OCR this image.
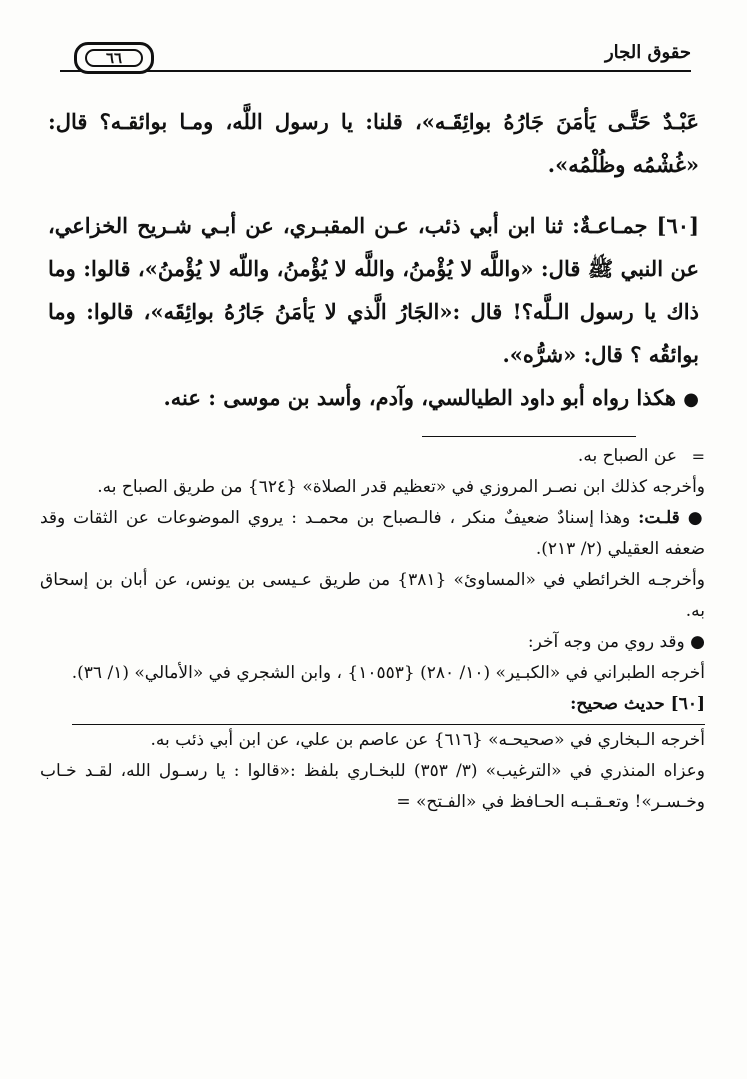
٦٦	حقوق الجار

عَبْـدٌ حَتَّـى يَأمَنَ جَارُهُ بوائِقَـه»، قلنا: يا رسول اللَّه، ومـا بوائقـه؟ قال: «غُشْمُه وظُلْمُه».

[٦٠] جمـاعـةٌ: ثنا ابن أبي ذئب، عـن المقبـري، عن أبـي شـريح الخزاعي، عن النبي ﷺ قال: «واللَّه لا يُؤْمنُ، واللَّه لا يُؤْمنُ، واللّه لا يُؤْمنُ»، قالوا: وما ذاك يا رسول الـلَّه؟! قال :«الجَارُ الَّذي لا يَأمَنُ جَارُهُ بوائِقَه»، قالوا: وما بوائقُه ؟ قال: «شرُّه».

● هكذا رواه أبو داود الطيالسي، وآدم، وأسد بن موسى : عنه.

=
عن الصباح به.

وأخرجه كذلك ابن نصـر المروزي في «تعظيم قدر الصلاة» {٦٢٤} من طريق الصباح به.

● قلـت: وهذا إسنادٌ ضعيفٌ منكر ، فالـصباح بن محمـد : يروي الموضوعات عن الثقات وقد ضعفه العقيلي (٢/ ٢١٣).

وأخرجـه الخرائطي في «المساوئ» {٣٨١} من طريق عـيسى بن يونس، عن أبان بن إسحاق به.

● وقد روي من وجه آخر:

أخرجه الطبراني في «الكبـير» (١٠/ ٢٨٠) {١٠٥٥٣} ، وابن الشجري في «الأمالي» (١/ ٣٦).

[٦٠] حديث صحيح:

أخرجه الـبخاري في «صحيحـه» {٦١٦} عن عاصم بن علي، عن ابن أبي ذئب به.

وعزاه المنذري في «الترغيب» (٣/ ٣٥٣) للبخـاري بلفظ :«قالوا : يا رسـول الله، لقـد خـاب وخـسـر»! وتعـقـبـه الحـافظ في «الفـتح» =
